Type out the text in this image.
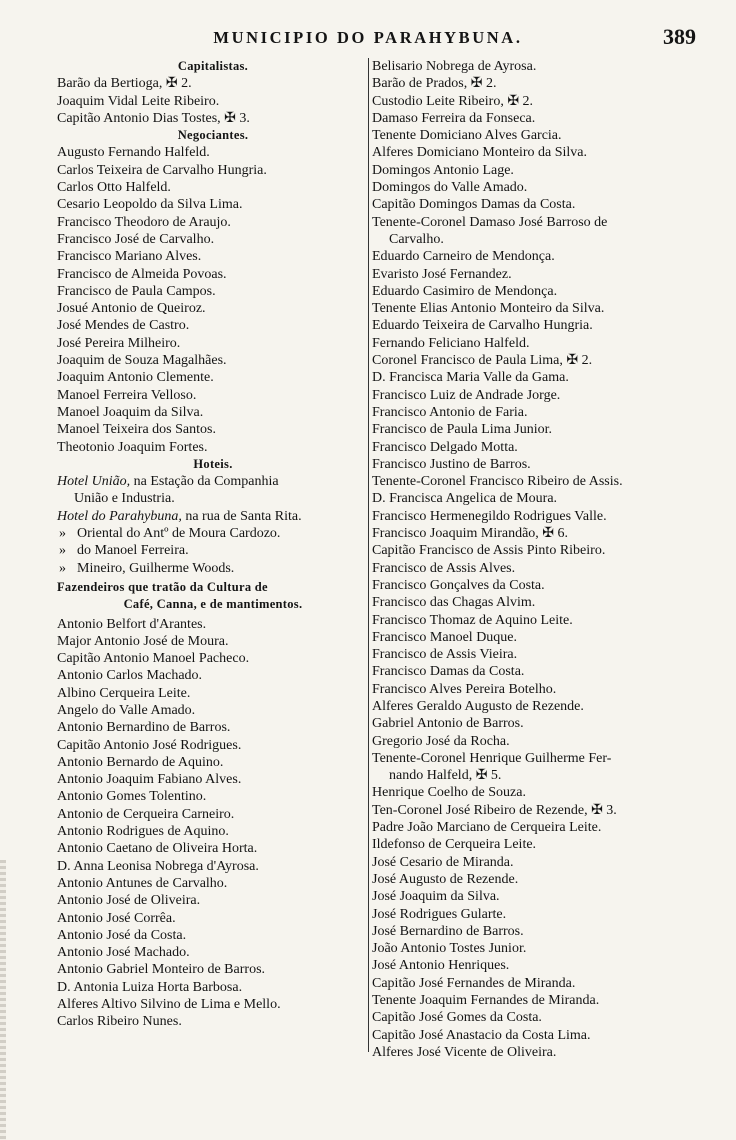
MUNICIPIO DO PARAHYBUNA.	389
Capitalistas.
Barão da Bertioga, ✠ 2.
Joaquim Vidal Leite Ribeiro.
Capitão Antonio Dias Tostes, ✠ 3.
Negociantes.
Augusto Fernando Halfeld.
Carlos Teixeira de Carvalho Hungria.
Carlos Otto Halfeld.
Cesario Leopoldo da Silva Lima.
Francisco Theodoro de Araujo.
Francisco José de Carvalho.
Francisco Mariano Alves.
Francisco de Almeida Povoas.
Francisco de Paula Campos.
Josué Antonio de Queiroz.
José Mendes de Castro.
José Pereira Milheiro.
Joaquim de Souza Magalhães.
Joaquim Antonio Clemente.
Manoel Ferreira Velloso.
Manoel Joaquim da Silva.
Manoel Teixeira dos Santos.
Theotonio Joaquim Fortes.
Hoteis.
Hotel União, na Estação da Companhia
União e Industria.
Hotel do Parahybuna, na rua de Santa Rita.
» Oriental do Antº de Moura Cardozo.
» do Manoel Ferreira.
» Mineiro, Guilherme Woods.
Fazendeiros que tratão da Cultura de
Café, Canna, e de mantimentos.
Antonio Belfort d'Arantes.
Major Antonio José de Moura.
Capitão Antonio Manoel Pacheco.
Antonio Carlos Machado.
Albino Cerqueira Leite.
Angelo do Valle Amado.
Antonio Bernardino de Barros.
Capitão Antonio José Rodrigues.
Antonio Bernardo de Aquino.
Antonio Joaquim Fabiano Alves.
Antonio Gomes Tolentino.
Antonio de Cerqueira Carneiro.
Antonio Rodrigues de Aquino.
Antonio Caetano de Oliveira Horta.
D. Anna Leonisa Nobrega d'Ayrosa.
Antonio Antunes de Carvalho.
Antonio José de Oliveira.
Antonio José Corrêa.
Antonio José da Costa.
Antonio José Machado.
Antonio Gabriel Monteiro de Barros.
D. Antonia Luiza Horta Barbosa.
Alferes Altivo Silvino de Lima e Mello.
Carlos Ribeiro Nunes.
Belisario Nobrega de Ayrosa.
Barão de Prados, ✠ 2.
Custodio Leite Ribeiro, ✠ 2.
Damaso Ferreira da Fonseca.
Tenente Domiciano Alves Garcia.
Alferes Domiciano Monteiro da Silva.
Domingos Antonio Lage.
Domingos do Valle Amado.
Capitão Domingos Damas da Costa.
Tenente-Coronel Damaso José Barroso de
Carvalho.
Eduardo Carneiro de Mendonça.
Evaristo José Fernandez.
Eduardo Casimiro de Mendonça.
Tenente Elias Antonio Monteiro da Silva.
Eduardo Teixeira de Carvalho Hungria.
Fernando Feliciano Halfeld.
Coronel Francisco de Paula Lima, ✠ 2.
D. Francisca Maria Valle da Gama.
Francisco Luiz de Andrade Jorge.
Francisco Antonio de Faria.
Francisco de Paula Lima Junior.
Francisco Delgado Motta.
Francisco Justino de Barros.
Tenente-Coronel Francisco Ribeiro de Assis.
D. Francisca Angelica de Moura.
Francisco Hermenegildo Rodrigues Valle.
Francisco Joaquim Mirandão, ✠ 6.
Capitão Francisco de Assis Pinto Ribeiro.
Francisco de Assis Alves.
Francisco Gonçalves da Costa.
Francisco das Chagas Alvim.
Francisco Thomaz de Aquino Leite.
Francisco Manoel Duque.
Francisco de Assis Vieira.
Francisco Damas da Costa.
Francisco Alves Pereira Botelho.
Alferes Geraldo Augusto de Rezende.
Gabriel Antonio de Barros.
Gregorio José da Rocha.
Tenente-Coronel Henrique Guilherme Fer-
nando Halfeld, ✠ 5.
Henrique Coelho de Souza.
Ten-Coronel José Ribeiro de Rezende, ✠ 3.
Padre João Marciano de Cerqueira Leite.
Ildefonso de Cerqueira Leite.
José Cesario de Miranda.
José Augusto de Rezende.
José Joaquim da Silva.
José Rodrigues Gularte.
José Bernardino de Barros.
João Antonio Tostes Junior.
José Antonio Henriques.
Capitão José Fernandes de Miranda.
Tenente Joaquim Fernandes de Miranda.
Capitão José Gomes da Costa.
Capitão José Anastacio da Costa Lima.
Alferes José Vicente de Oliveira.
